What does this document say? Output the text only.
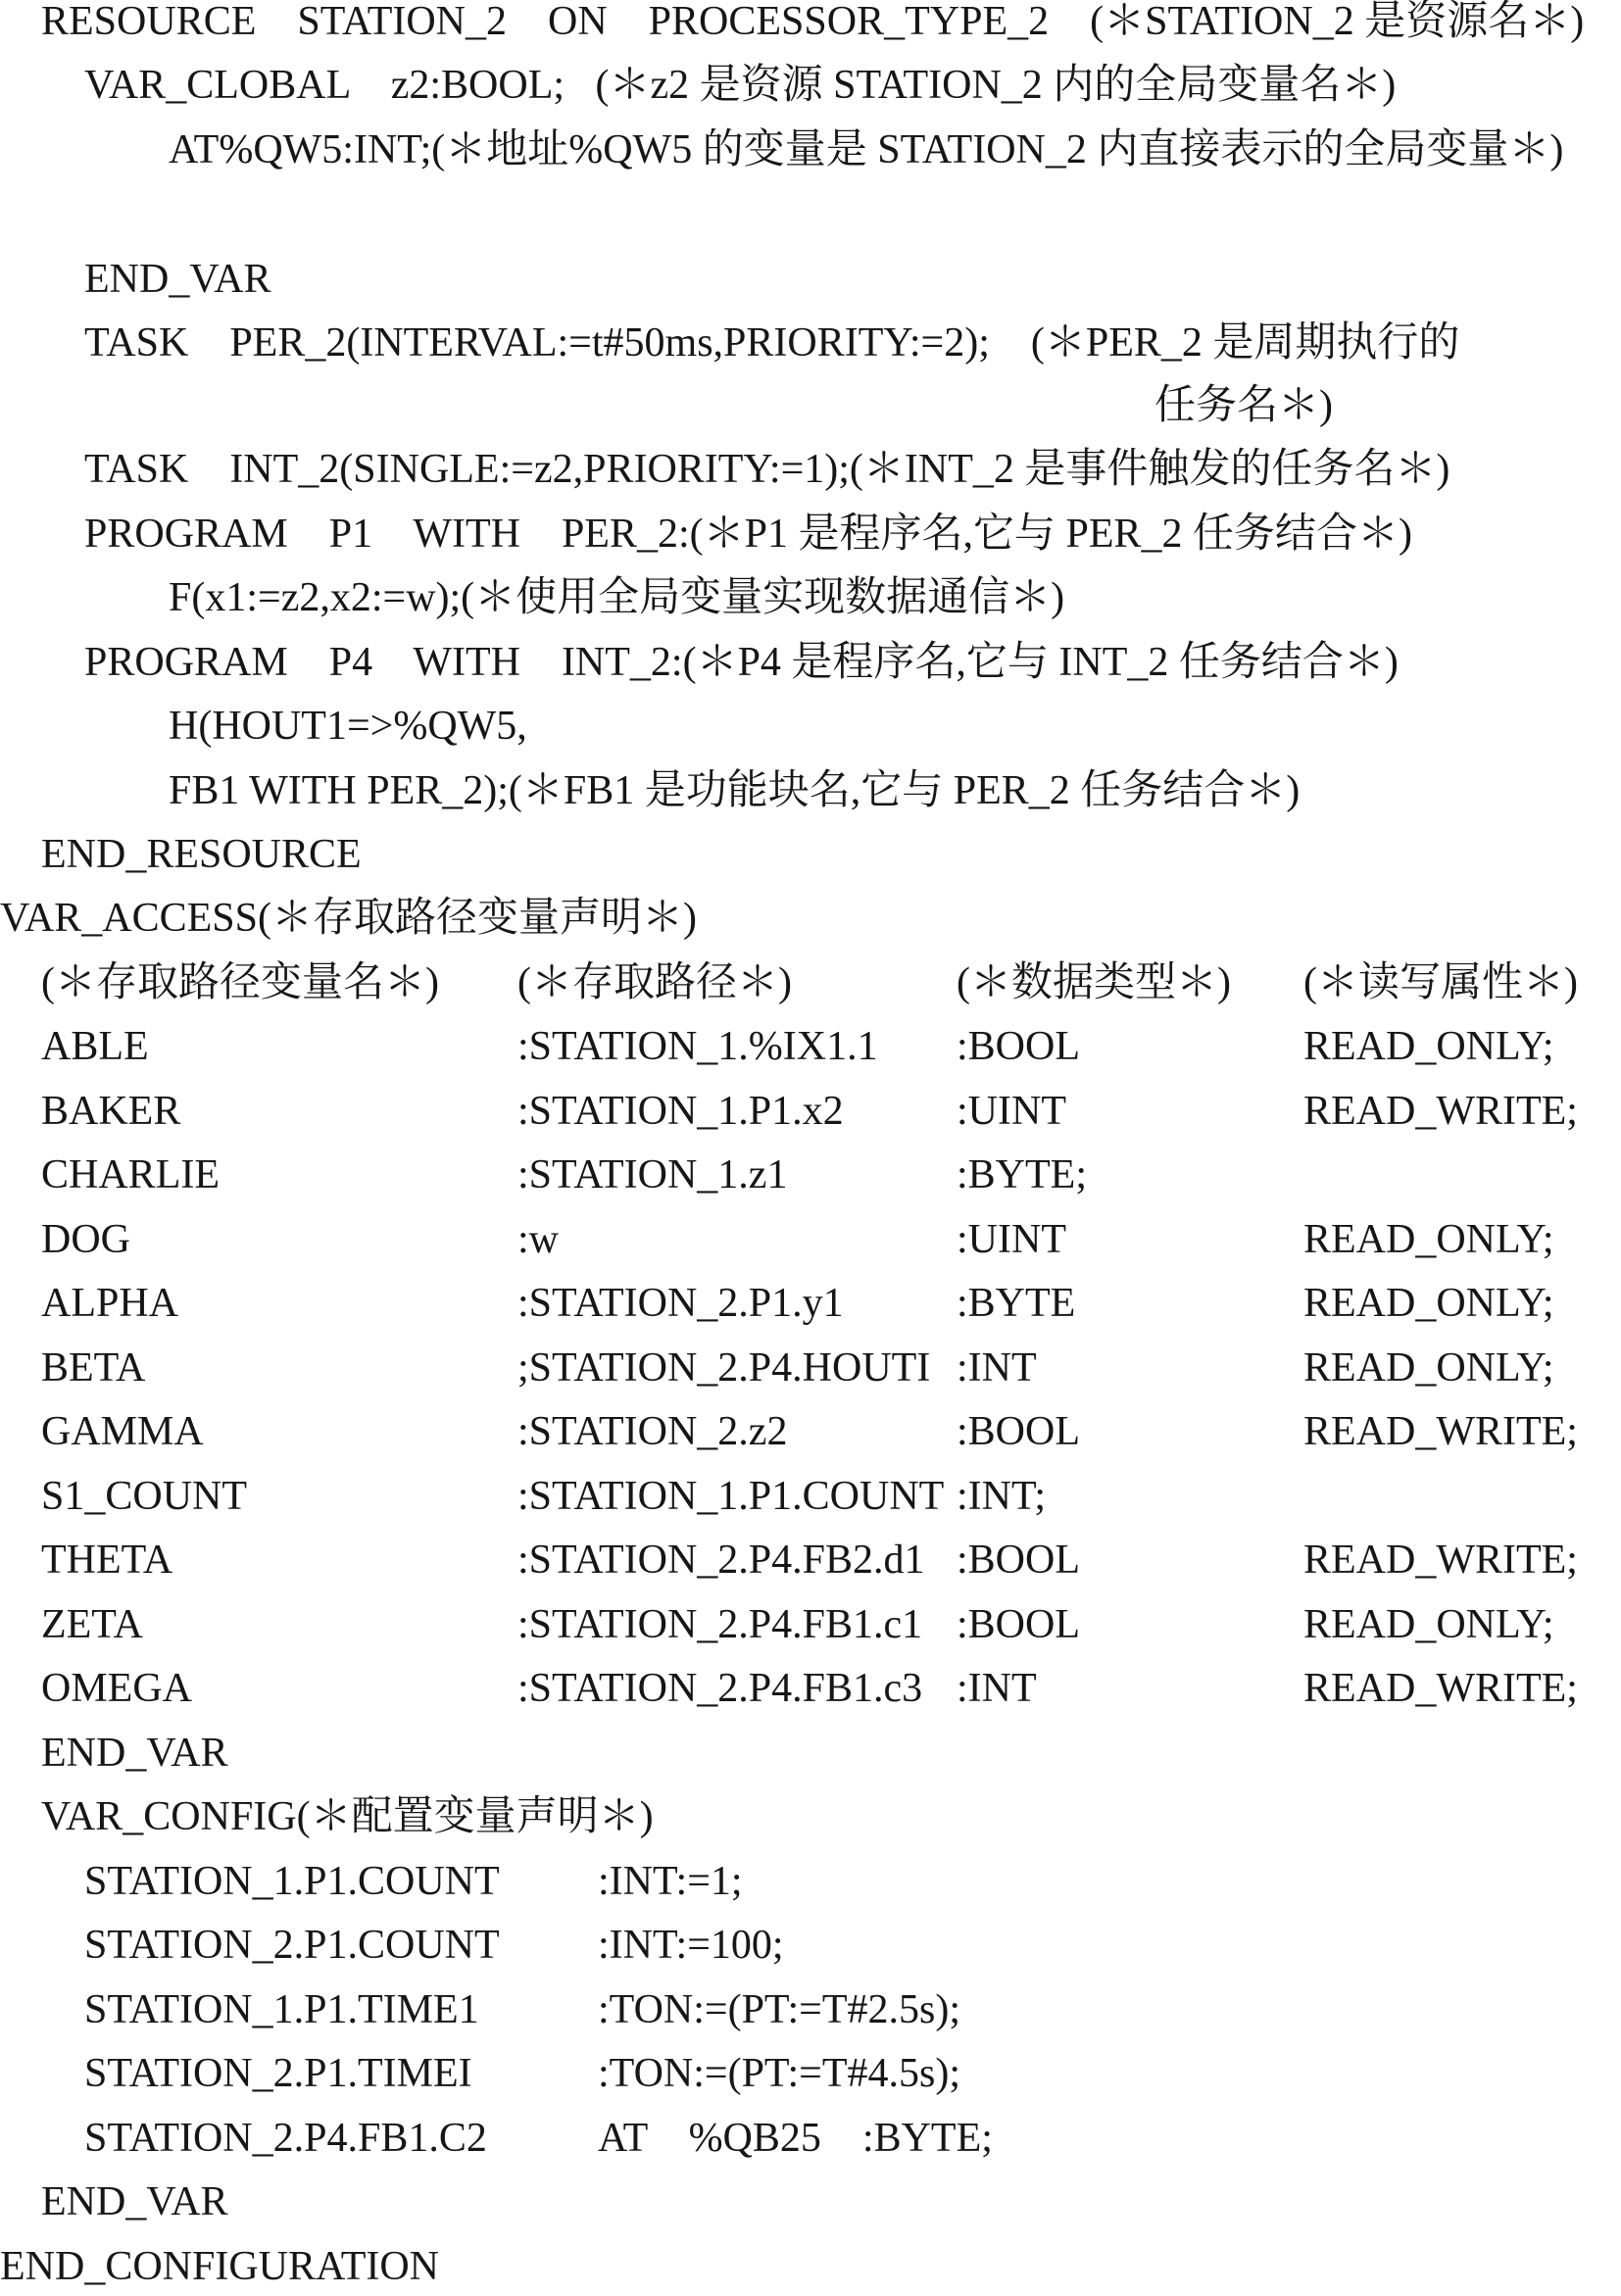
RESOURCE    STATION_2    ON    PROCESSOR_TYPE_2    (＊STATION_2 是资源名＊)
VAR_CLOBAL    z2:BOOL;   (＊z2 是资源 STATION_2 内的全局变量名＊)
AT%QW5:INT;(＊地址%QW5 的变量是 STATION_2 内直接表示的全局变量＊)
END_VAR
TASK    PER_2(INTERVAL:=t#50ms,PRIORITY:=2);    (＊PER_2 是周期执行的
任务名＊)
TASK    INT_2(SINGLE:=z2,PRIORITY:=1);(＊INT_2 是事件触发的任务名＊)
PROGRAM    P1    WITH    PER_2:(＊P1 是程序名,它与 PER_2 任务结合＊)
F(x1:=z2,x2:=w);(＊使用全局变量实现数据通信＊)
PROGRAM    P4    WITH    INT_2:(＊P4 是程序名,它与 INT_2 任务结合＊)
H(HOUT1=>%QW5,
FB1 WITH PER_2);(＊FB1 是功能块名,它与 PER_2 任务结合＊)
END_RESOURCE
VAR_ACCESS(＊存取路径变量声明＊)
(＊存取路径变量名＊) (＊存取路径＊)	(＊数据类型＊) (＊读写属性＊)
ABLE	:STATION_1.%IX1.1 :BOOL	READ_ONLY;
BAKER	:STATION_1.P1.x2	:UINT	READ_WRITE;
CHARLIE	:STATION_1.z1	:BYTE;
DOG	:w	:UINT	READ_ONLY;
ALPHA	:STATION_2.P1.y1	:BYTE	READ_ONLY;
BETA	;STATION_2.P4.HOUTI :INT	READ_ONLY;
GAMMA	:STATION_2.z2	:BOOL	READ_WRITE;
S1_COUNT	:STATION_1.P1.COUNT :INT;
THETA	:STATION_2.P4.FB2.d1 :BOOL	READ_WRITE;
ZETA	:STATION_2.P4.FB1.c1 :BOOL	READ_ONLY;
OMEGA	:STATION_2.P4.FB1.c3 :INT	READ_WRITE;
END_VAR
VAR_CONFIG(＊配置变量声明＊)
STATION_1.P1.COUNT :INT:=1;
STATION_2.P1.COUNT :INT:=100;
STATION_1.P1.TIME1	:TON:=(PT:=T#2.5s);
STATION_2.P1.TIMEI	:TON:=(PT:=T#4.5s);
STATION_2.P4.FB1.C2	AT    %QB25    :BYTE;
END_VAR
END_CONFIGURATION
